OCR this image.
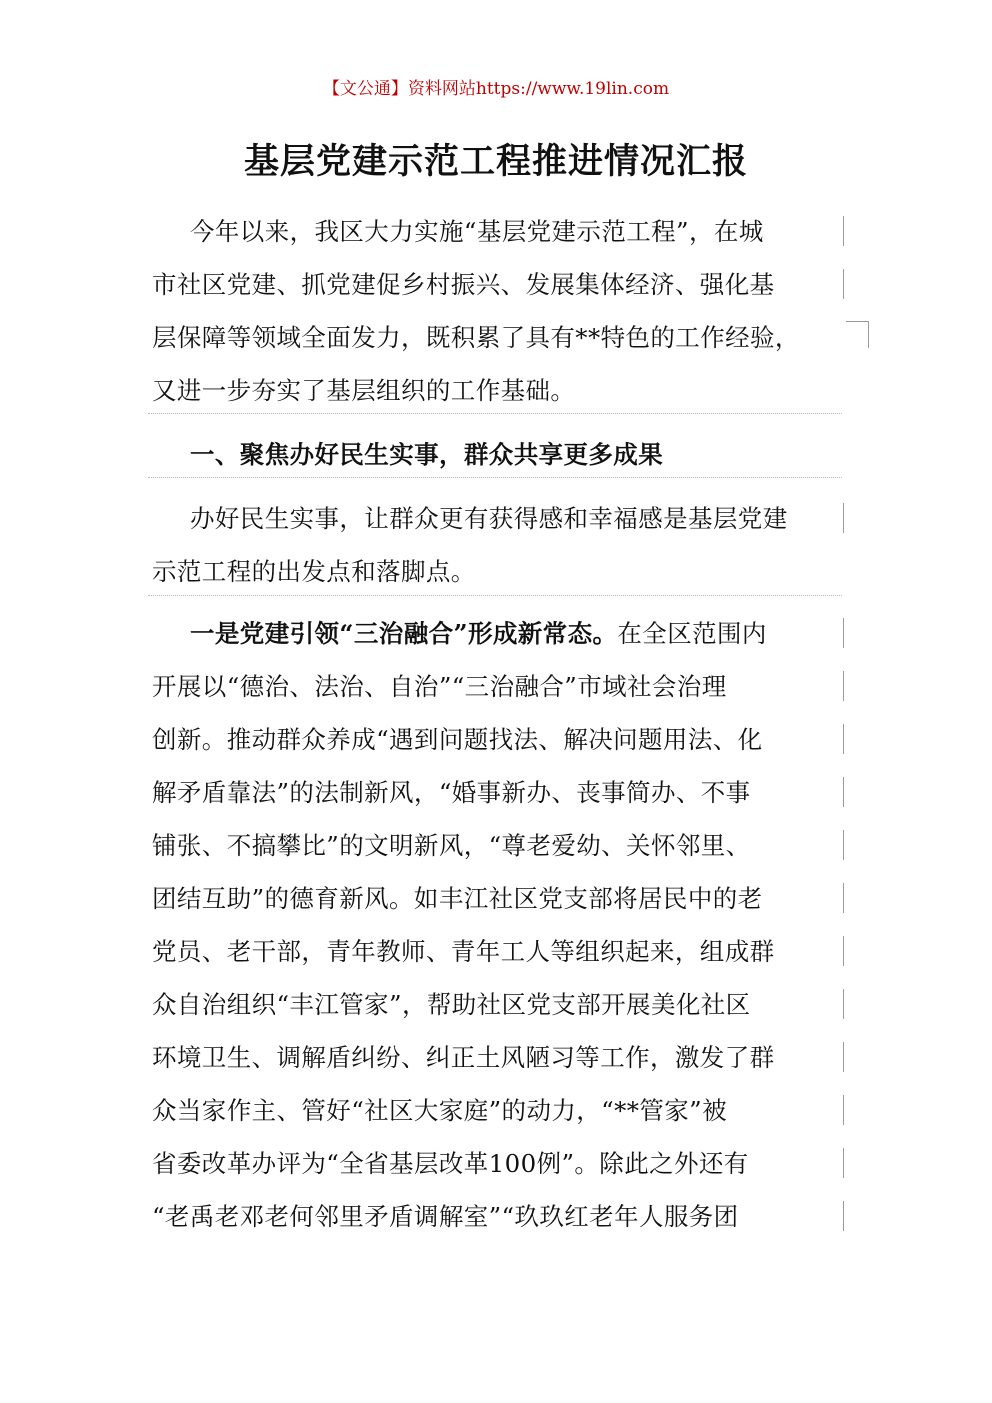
【文公通】资料网站https://www.19lin.com
基层党建示范工程推进情况汇报
今年以来，我区大力实施“基层党建示范工程”，在城
市社区党建、抓党建促乡村振兴、发展集体经济、强化基
层保障等领域全面发力，既积累了具有**特色的工作经验，
又进一步夯实了基层组织的工作基础。
一、聚焦办好民生实事，群众共享更多成果
办好民生实事，让群众更有获得感和幸福感是基层党建
示范工程的出发点和落脚点。
一是党建引领“三治融合”形成新常态。在全区范围内
开展以“德治、法治、自治”“三治融合”市域社会治理
创新。推动群众养成“遇到问题找法、解决问题用法、化
解矛盾靠法”的法制新风，“婚事新办、丧事简办、不事
铺张、不搞攀比”的文明新风，“尊老爱幼、关怀邻里、
团结互助”的德育新风。如丰江社区党支部将居民中的老
党员、老干部，青年教师、青年工人等组织起来，组成群
众自治组织“丰江管家”，帮助社区党支部开展美化社区
环境卫生、调解盾纠纷、纠正土风陋习等工作，激发了群
众当家作主、管好“社区大家庭”的动力，“**管家”被
省委改革办评为“全省基层改革100例”。除此之外还有
“老禹老邓老何邻里矛盾调解室”“玖玖红老年人服务团
